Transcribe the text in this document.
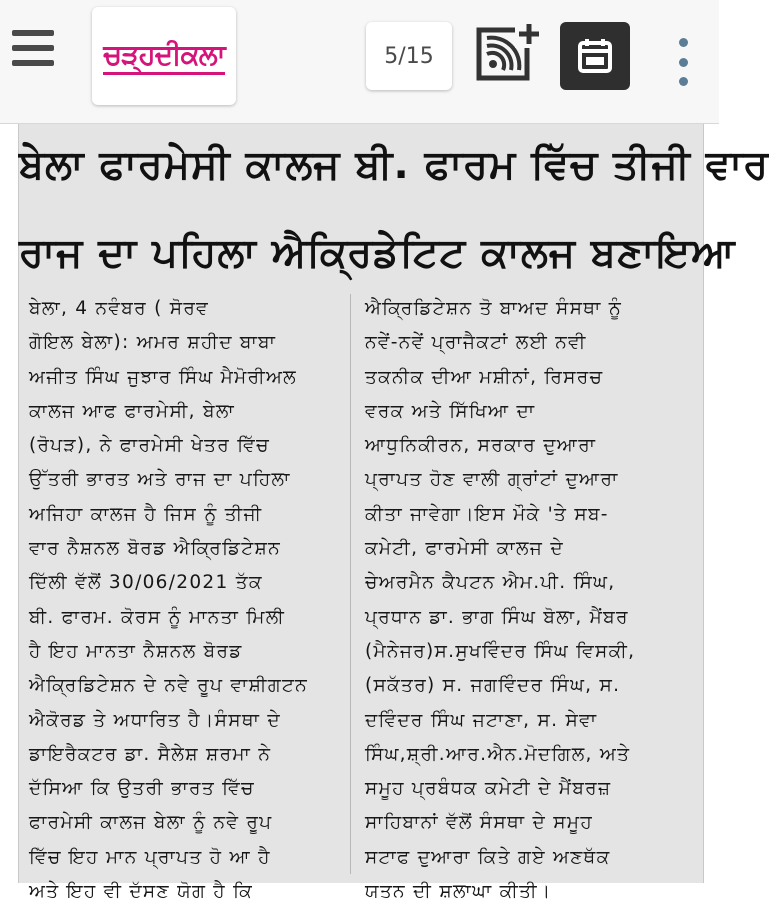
ਚੜ੍ਹਦੀਕਲਾ	5/15
ਬੇਲਾ ਫਾਰਮੇਸੀ ਕਾਲਜ ਬੀ. ਫਾਰਮ ਵਿੱਚ ਤੀਜੀ ਵਾਰ
ਰਾਜ ਦਾ ਪਹਿਲਾ ਐਕ੍ਰਿਡੇਟਿਟ ਕਾਲਜ ਬਣਾਇਆ
ਬੇਲਾ, 4 ਨਵੰਬਰ ( ਸੋਰਵ
ਗੋਇਲ ਬੇਲਾ): ਅਮਰ ਸ਼ਹੀਦ ਬਾਬਾ
ਅਜੀਤ ਸਿੰਘ ਜੁਝਾਰ ਸਿੰਘ ਮੈਮੋਰੀਅਲ
ਕਾਲਜ ਆਫ ਫਾਰਮੇਸੀ, ਬੇਲਾ
(ਰੋਪੜ), ਨੇ ਫਾਰਮੇਸੀ ਖੇਤਰ ਵਿੱਚ
ਉੱਤਰੀ ਭਾਰਤ ਅਤੇ ਰਾਜ ਦਾ ਪਹਿਲਾ
ਅਜਿਹਾ ਕਾਲਜ ਹੈ ਜਿਸ ਨੂੰ ਤੀਜੀ
ਵਾਰ ਨੈਸ਼ਨਲ ਬੋਰਡ ਐਕ੍ਰਿਡਿਟੇਸ਼ਨ
ਦਿੱਲੀ ਵੱਲੋਂ 30/06/2021 ਤੱਕ
ਬੀ. ਫਾਰਮ. ਕੋਰਸ ਨੂੰ ਮਾਨਤਾ ਮਿਲੀ
ਹੈ ਇਹ ਮਾਨਤਾ ਨੈਸ਼ਨਲ ਬੋਰਡ
ਐਕ੍ਰਿਡਿਟੇਸ਼ਨ ਦੇ ਨਵੇ ਰੂਪ ਵਾਸ਼ੀਗਟਨ
ਐਕੋਰਡ ਤੇ ਅਧਾਰਿਤ ਹੈ।ਸੰਸਥਾ ਦੇ
ਡਾਇਰੈਕਟਰ ਡਾ. ਸੈਲੇਸ਼ ਸ਼ਰਮਾ ਨੇ
ਦੱਸਿਆ ਕਿ ਉਤਰੀ ਭਾਰਤ ਵਿੱਚ
ਫਾਰਮੇਸੀ ਕਾਲਜ ਬੇਲਾ ਨੂੰ ਨਵੇ ਰੂਪ
ਵਿੱਚ ਇਹ ਮਾਨ ਪ੍ਰਾਪਤ ਹੋ ਆ ਹੈ
ਅਤੇ ਇਹ ਵੀ ਦੱਸਣ ਯੋਗ ਹੈ ਕਿ
ਐਕ੍ਰਿਡਿਟੇਸ਼ਨ ਤੋ ਬਾਅਦ ਸੰਸਥਾ ਨੂੰ
ਨਵੇਂ-ਨਵੇਂ ਪ੍ਰਾਜੈਕਟਾਂ ਲਈ ਨਵੀ
ਤਕਨੀਕ ਦੀਆ ਮਸ਼ੀਨਾਂ, ਰਿਸਰਚ
ਵਰਕ ਅਤੇ ਸਿੱਖਿਆ ਦਾ
ਆਧੁਨਿਕੀਰਨ, ਸਰਕਾਰ ਦੁਆਰਾ
ਪ੍ਰਾਪਤ ਹੋਣ ਵਾਲੀ ਗ੍ਰਾਂਟਾਂ ਦੁਆਰਾ
ਕੀਤਾ ਜਾਵੇਗਾ।ਇਸ ਮੌਕੇ 'ਤੇ ਸਬ-
ਕਮੇਟੀ, ਫਾਰਮੇਸੀ ਕਾਲਜ ਦੇ
ਚੇਅਰਮੈਨ ਕੈਪਟਨ ਐਮ.ਪੀ. ਸਿੰਘ,
ਪ੍ਰਧਾਨ ਡਾ. ਭਾਗ ਸਿੰਘ ਬੋਲਾ, ਮੈਂਬਰ
(ਮੈਨੇਜਰ)ਸ.ਸੁਖਵਿੰਦਰ ਸਿੰਘ ਵਿਸਕੀ,
(ਸਕੱਤਰ) ਸ. ਜਗਵਿੰਦਰ ਸਿੰਘ, ਸ.
ਦਵਿੰਦਰ ਸਿੰਘ ਜਟਾਣਾ, ਸ. ਸੇਵਾ
ਸਿੰਘ,ਸ਼੍ਰੀ.ਆਰ.ਐਨ.ਮੋਦਗਿਲ, ਅਤੇ
ਸਮੂਹ ਪ੍ਰਬੰਧਕ ਕਮੇਟੀ ਦੇ ਮੈਂਬਰਜ਼
ਸਾਹਿਬਾਨਾਂ ਵੱਲੋਂ ਸੰਸਥਾ ਦੇ ਸਮੂਹ
ਸਟਾਫ ਦੁਆਰਾ ਕਿਤੇ ਗਏ ਅਣਥੱਕ
ਯਤਨ ਦੀ ਸ਼ਲਾਘਾ ਕੀਤੀ।
